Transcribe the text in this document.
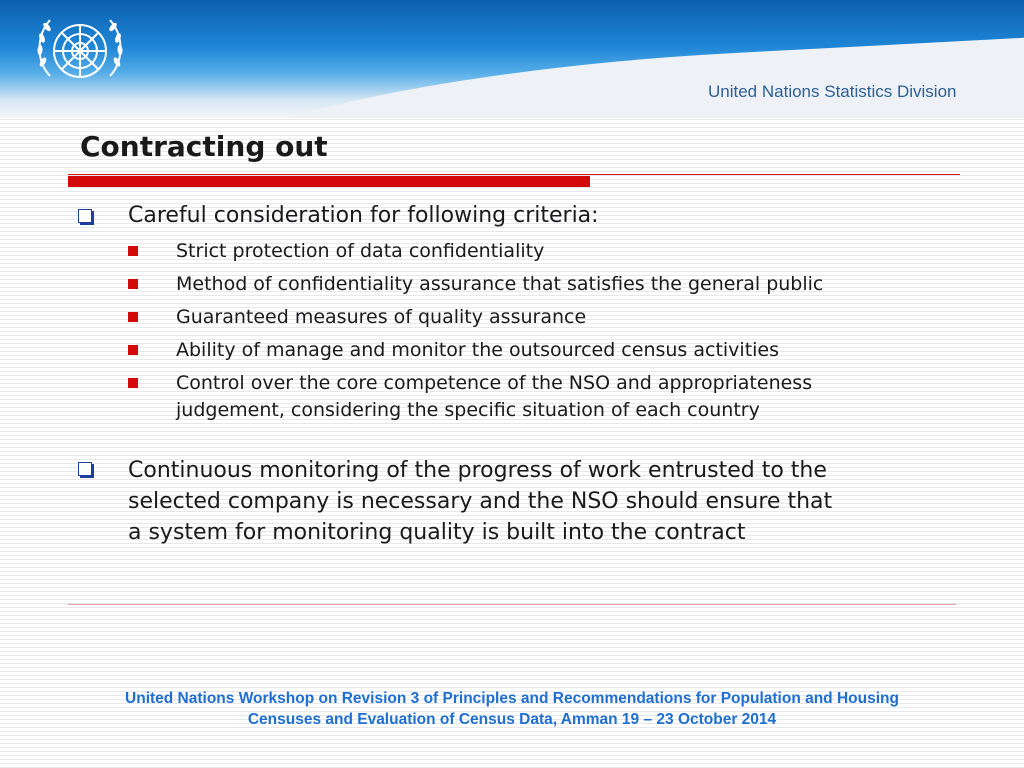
United Nations Statistics Division
Contracting out

Careful consideration for following criteria:

Strict protection of data confidentiality

Method of confidentiality assurance that satisfies the general public

Guaranteed measures of quality assurance

Ability of manage and monitor the outsourced census activities

Control over the core competence of the NSO and appropriateness

judgement, considering the specific situation of each country

Continuous monitoring of the progress of work entrusted to the
selected company is necessary and the NSO should ensure that
a system for monitoring quality is built into the contract
United Nations Workshop on Revision 3 of Principles and Recommendations for Population and Housing
Censuses and Evaluation of Census Data, Amman 19 – 23 October 2014
